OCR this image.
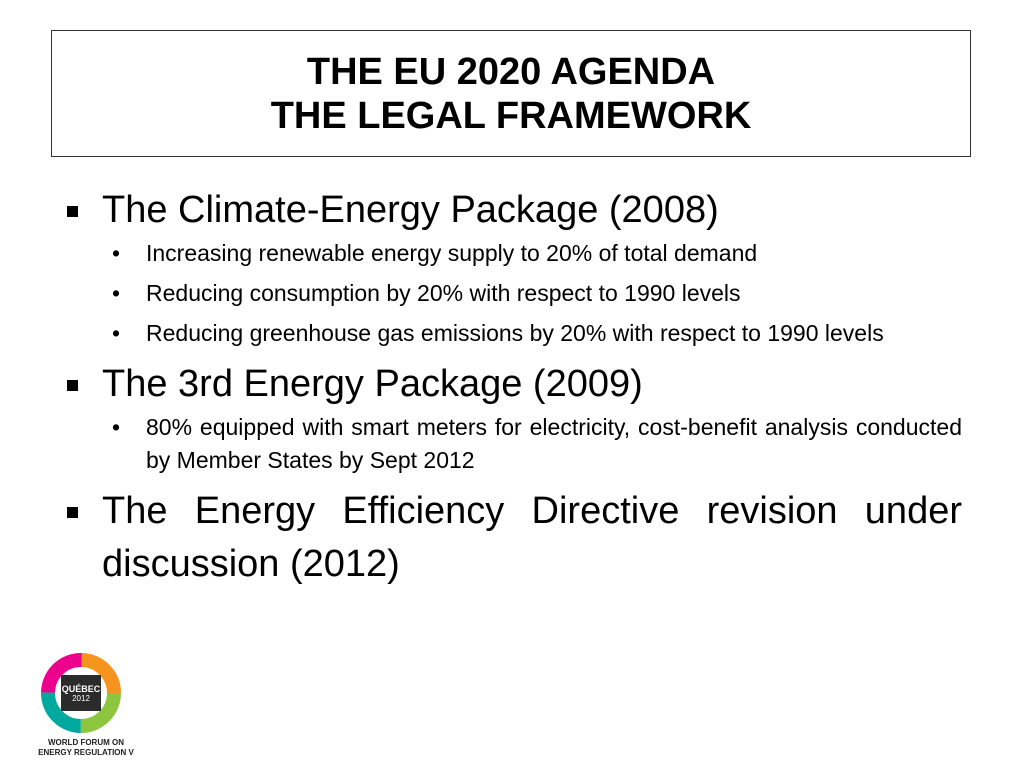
THE EU 2020 AGENDA
THE LEGAL FRAMEWORK
The Climate-Energy Package (2008)
• Increasing renewable energy supply to 20% of total demand
• Reducing consumption by 20% with respect to 1990 levels
• Reducing greenhouse gas emissions by 20% with respect to 1990 levels
The 3rd Energy Package (2009)
• 80% equipped with smart meters for electricity, cost-benefit analysis conducted by Member States by Sept 2012
The Energy Efficiency Directive revision under discussion (2012)
QUÉBEC
2012
WORLD FORUM ON
ENERGY REGULATION V
